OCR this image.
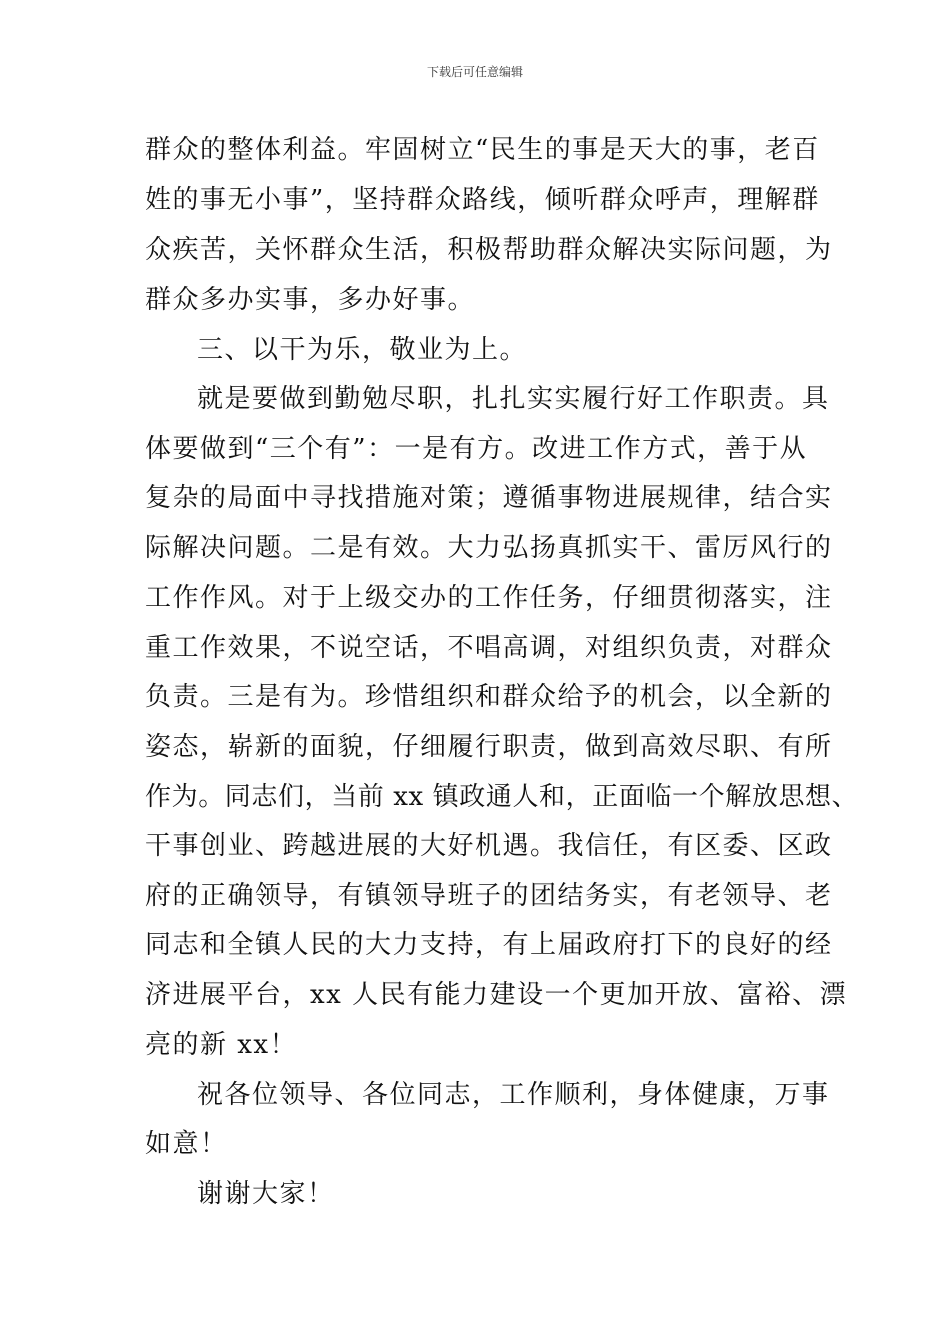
下载后可任意编辑
群众的整体利益。牢固树立“民生的事是天大的事，老百
姓的事无小事”，坚持群众路线，倾听群众呼声，理解群
众疾苦，关怀群众生活，积极帮助群众解决实际问题，为
群众多办实事，多办好事。
三、以干为乐，敬业为上。
就是要做到勤勉尽职，扎扎实实履行好工作职责。具
体要做到“三个有”：一是有方。改进工作方式，善于从
复杂的局面中寻找措施对策；遵循事物进展规律，结合实
际解决问题。二是有效。大力弘扬真抓实干、雷厉风行的
工作作风。对于上级交办的工作任务，仔细贯彻落实，注
重工作效果，不说空话，不唱高调，对组织负责，对群众
负责。三是有为。珍惜组织和群众给予的机会，以全新的
姿态，崭新的面貌，仔细履行职责，做到高效尽职、有所
作为。同志们，当前 xx 镇政通人和，正面临一个解放思想、
干事创业、跨越进展的大好机遇。我信任，有区委、区政
府的正确领导，有镇领导班子的团结务实，有老领导、老
同志和全镇人民的大力支持，有上届政府打下的良好的经
济进展平台，xx 人民有能力建设一个更加开放、富裕、漂
亮的新 xx！
祝各位领导、各位同志，工作顺利，身体健康，万事
如意！
谢谢大家！
